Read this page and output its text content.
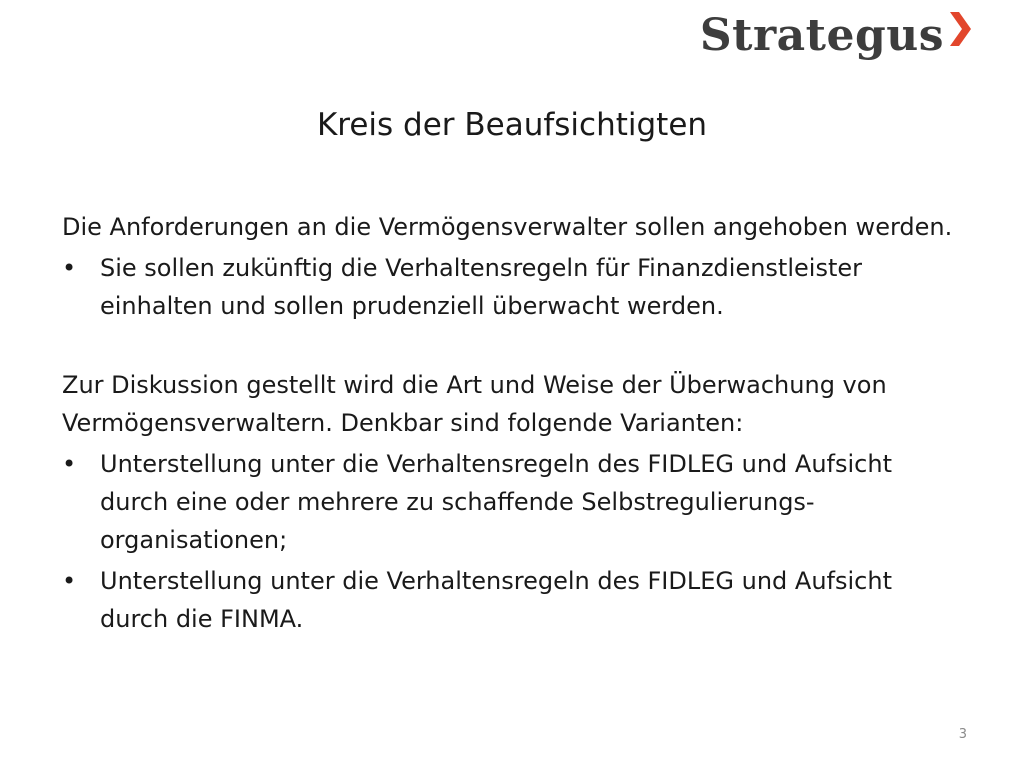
Strategus
Kreis der Beaufsichtigten

Die Anforderungen an die Vermögensverwalter sollen angehoben werden.

• Sie sollen zukünftig die Verhaltensregeln für Finanzdienstleister einhalten und sollen prudenziell überwacht werden.

Zur Diskussion gestellt wird die Art und Weise der Überwachung von Vermögensverwaltern. Denkbar sind folgende Varianten:

• Unterstellung unter die Verhaltensregeln des FIDLEG und Aufsicht durch eine oder mehrere zu schaffende Selbstregulierungs-organisationen;
• Unterstellung unter die Verhaltensregeln des FIDLEG und Aufsicht durch die FINMA.
3
